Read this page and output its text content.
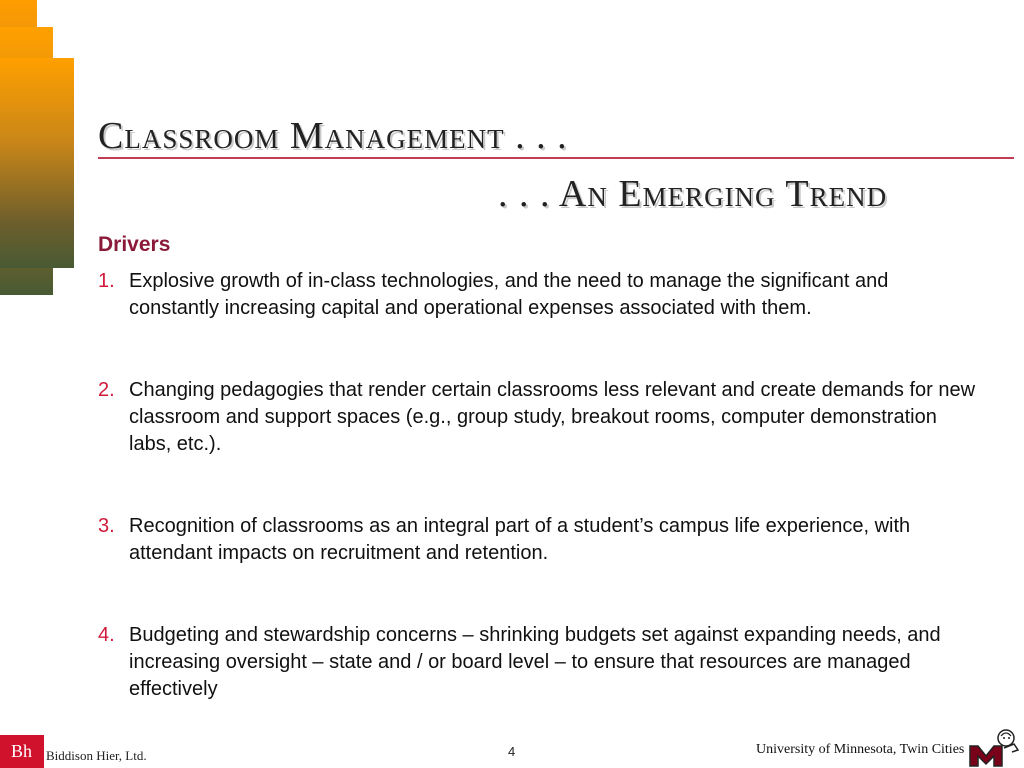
Classroom Management . . .
. . . An Emerging Trend
Drivers
1. Explosive growth of in-class technologies, and the need to manage the significant and constantly increasing capital and operational expenses associated with them.
2. Changing pedagogies that render certain classrooms less relevant and create demands for new classroom and support spaces (e.g., group study, breakout rooms, computer demonstration labs, etc.).
3. Recognition of classrooms as an integral part of a student’s campus life experience, with attendant impacts on recruitment and retention.
4. Budgeting and stewardship concerns – shrinking budgets set against expanding needs, and increasing oversight – state and / or board level – to ensure that resources are managed effectively
Bh Biddison Hier, Ltd.	4	University of Minnesota, Twin Cities
